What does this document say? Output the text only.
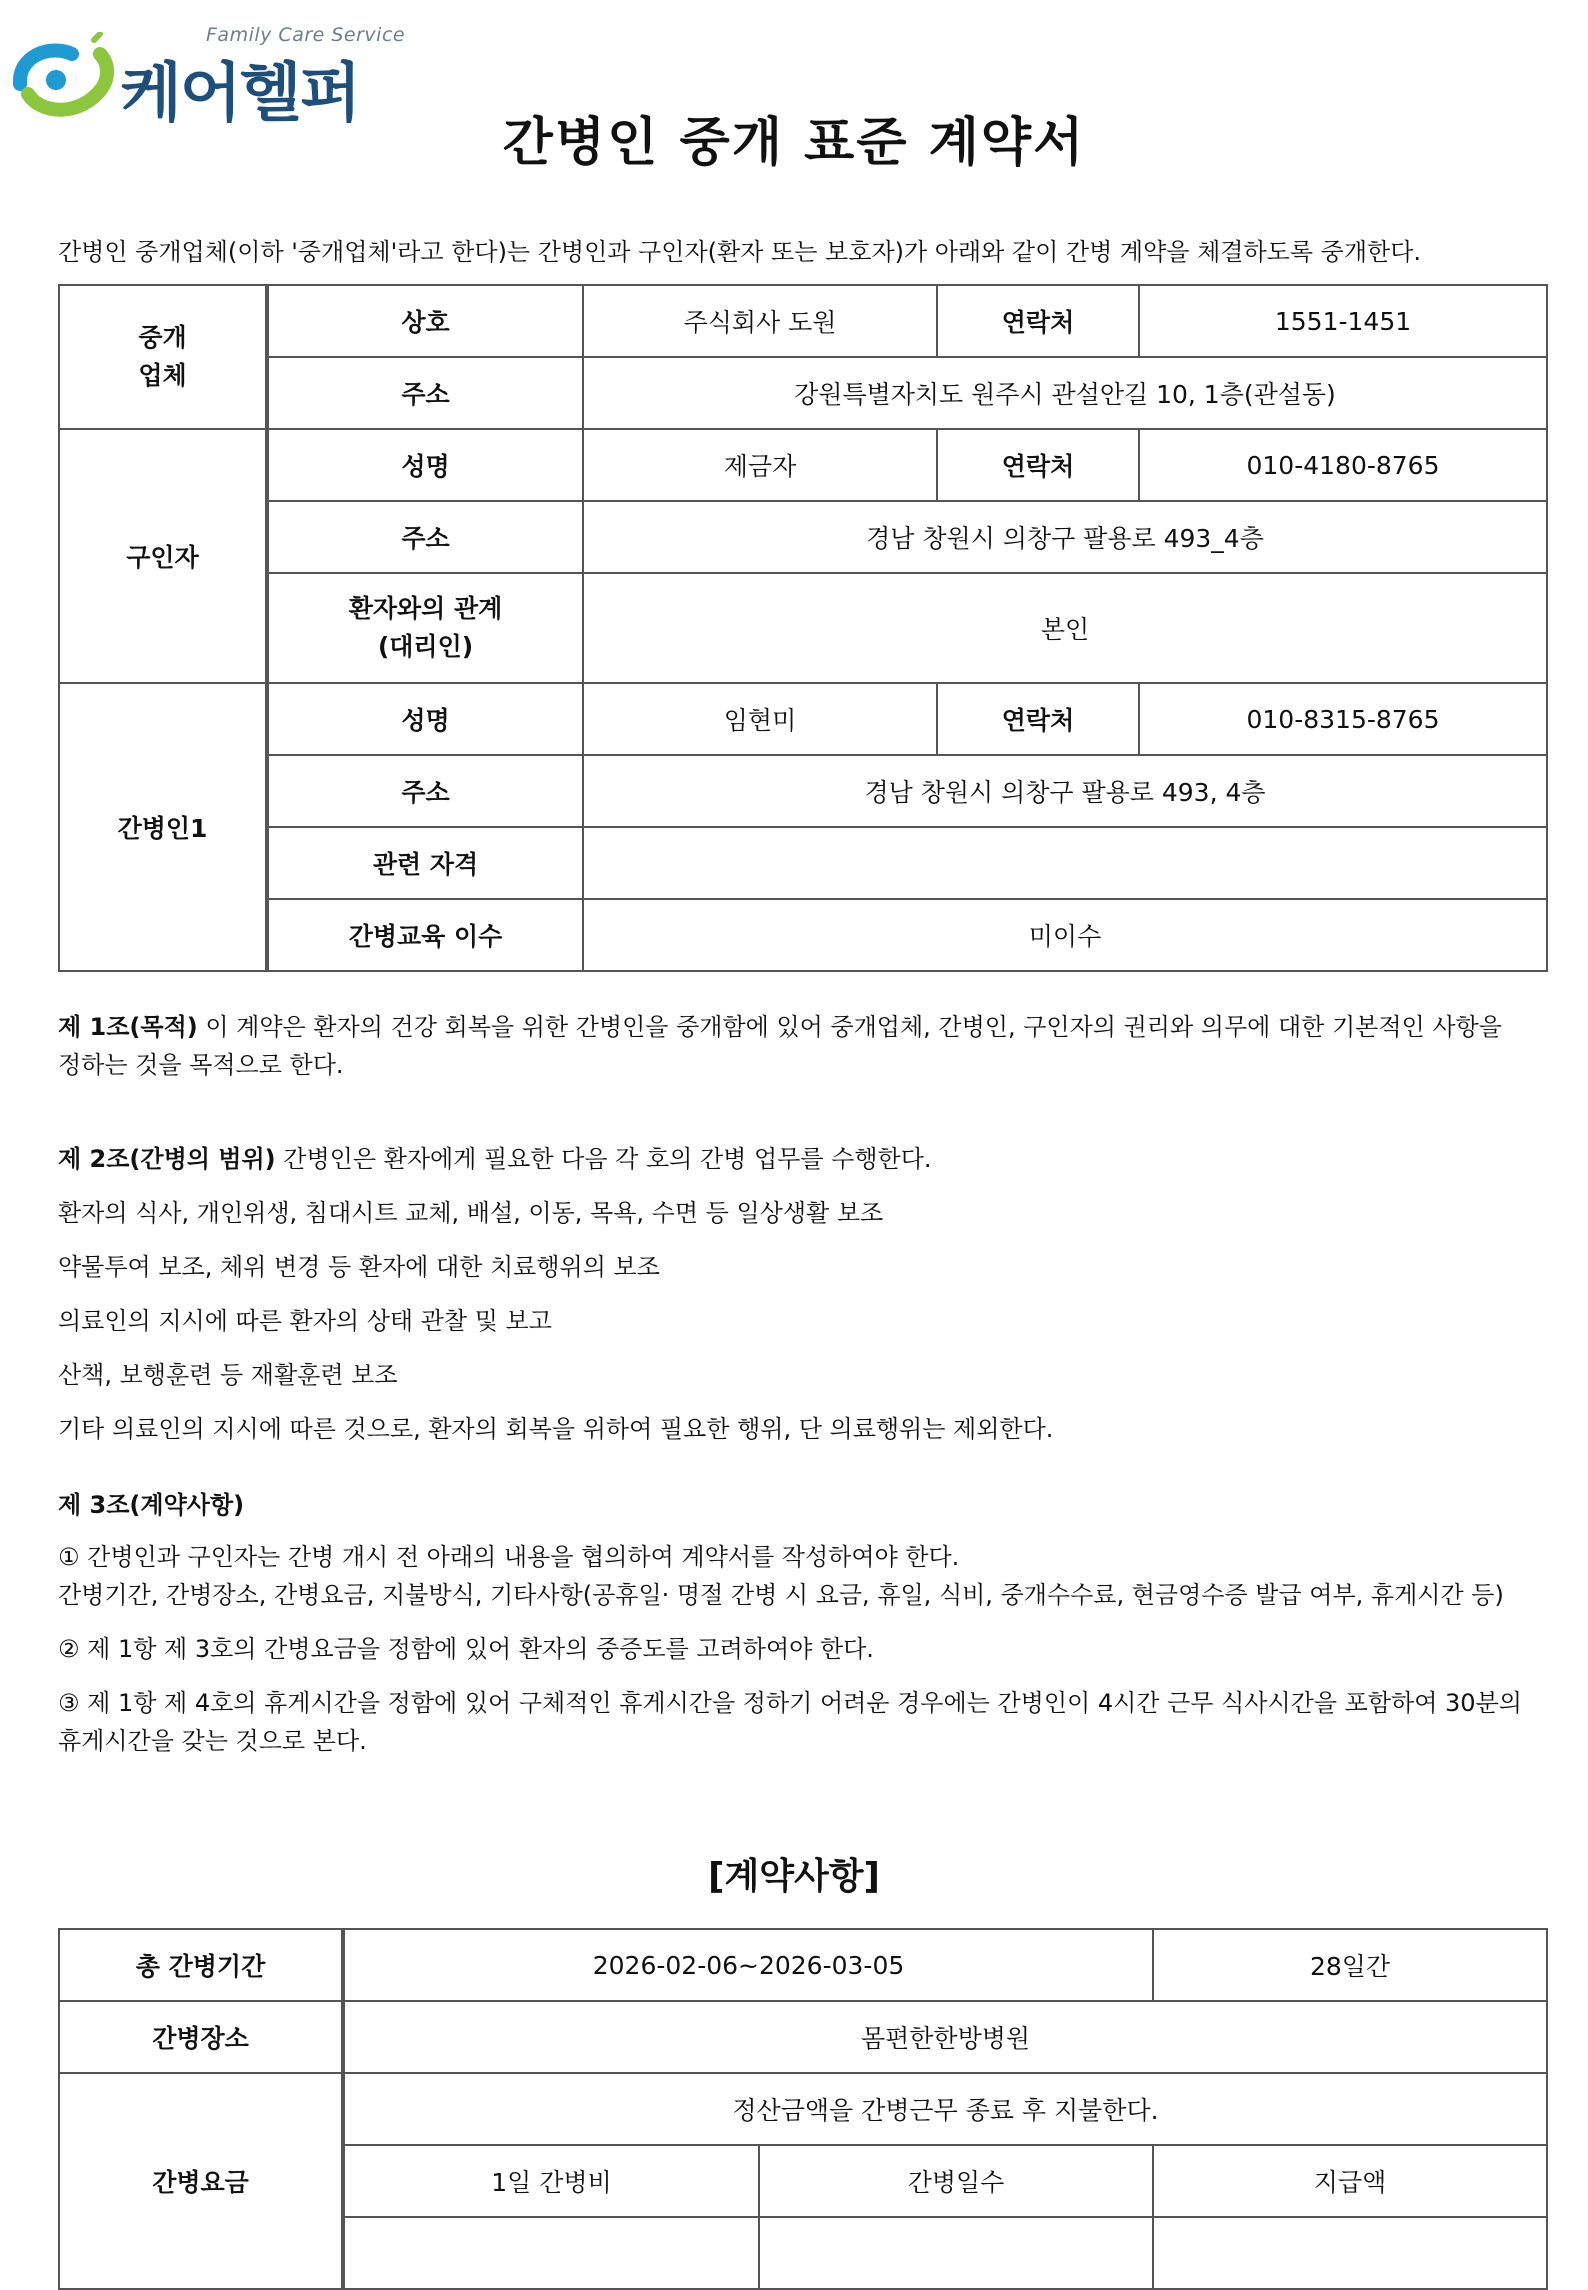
Family Care Service
케어헬퍼
간병인 중개 표준 계약서
간병인 중개업체(이하 '중개업체'라고 한다)는 간병인과 구인자(환자 또는 보호자)가 아래와 같이 간병 계약을 체결하도록 중개한다.
중개
업체	상호	주식회사 도원	연락처	1551-1451
	주소	강원특별자치도 원주시 관설안길 10, 1층(관설동)		
구인자	성명	제금자	연락처	010-4180-8765
	주소	경남 창원시 의창구 팔용로 493_4층		
	환자와의 관계
(대리인)	본인		
간병인1	성명	임현미	연락처	010-8315-8765
	주소	경남 창원시 의창구 팔용로 493, 4층		
	관련 자격			
	간병교육 이수	미이수		

제 1조(목적) 이 계약은 환자의 건강 회복을 위한 간병인을 중개함에 있어 중개업체, 간병인, 구인자의 권리와 의무에 대한 기본적인 사항을 정하는 것을 목적으로 한다.

제 2조(간병의 범위) 간병인은 환자에게 필요한 다음 각 호의 간병 업무를 수행한다.

환자의 식사, 개인위생, 침대시트 교체, 배설, 이동, 목욕, 수면 등 일상생활 보조

약물투여 보조, 체위 변경 등 환자에 대한 치료행위의 보조

의료인의 지시에 따른 환자의 상태 관찰 및 보고

산책, 보행훈련 등 재활훈련 보조

기타 의료인의 지시에 따른 것으로, 환자의 회복을 위하여 필요한 행위, 단 의료행위는 제외한다.

제 3조(계약사항)

① 간병인과 구인자는 간병 개시 전 아래의 내용을 협의하여 계약서를 작성하여야 한다.

간병기간, 간병장소, 간병요금, 지불방식, 기타사항(공휴일· 명절 간병 시 요금, 휴일, 식비, 중개수수료, 현금영수증 발급 여부, 휴게시간 등)

② 제 1항 제 3호의 간병요금을 정함에 있어 환자의 중증도를 고려하여야 한다.

③ 제 1항 제 4호의 휴게시간을 정함에 있어 구체적인 휴게시간을 정하기 어려운 경우에는 간병인이 4시간 근무 식사시간을 포함하여 30분의 휴게시간을 갖는 것으로 본다.

[계약사항]
총 간병기간	2026-02-06~2026-03-05		28일간
간병장소	몸편한한방병원		
간병요금	정산금액을 간병근무 종료 후 지불한다.		
	1일 간병비	간병일수	지급액
